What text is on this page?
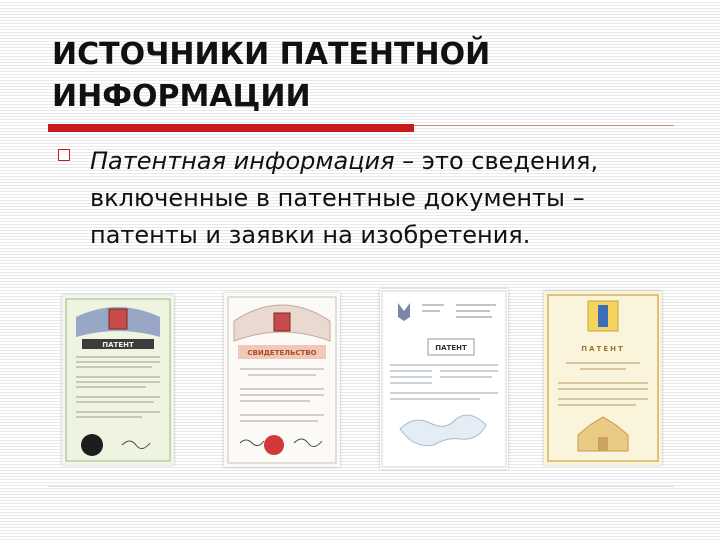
ИСТОЧНИКИ ПАТЕНТНОЙ
ИНФОРМАЦИИ
Патентная информация – это сведения, включенные в патентные документы – патенты и заявки на изобретения.
ПАТЕНТ
СВИДЕТЕЛЬСТВО
ПАТЕНТ	ПАТЕНТ
